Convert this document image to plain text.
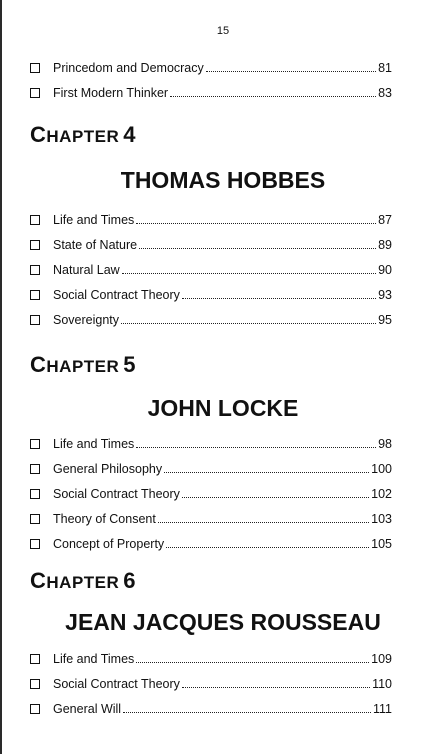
15
Princedom and Democracy	81
First Modern Thinker	83
CHAPTER 4
THOMAS HOBBES
Life and Times	87
State of Nature	89
Natural Law	90
Social Contract Theory	93
Sovereignty	95
CHAPTER 5
JOHN LOCKE
Life and Times	98
General Philosophy	100
Social Contract Theory	102
Theory of Consent	103
Concept of Property	105
CHAPTER 6
JEAN JACQUES ROUSSEAU
Life and Times	109
Social Contract Theory	110
General Will	111
